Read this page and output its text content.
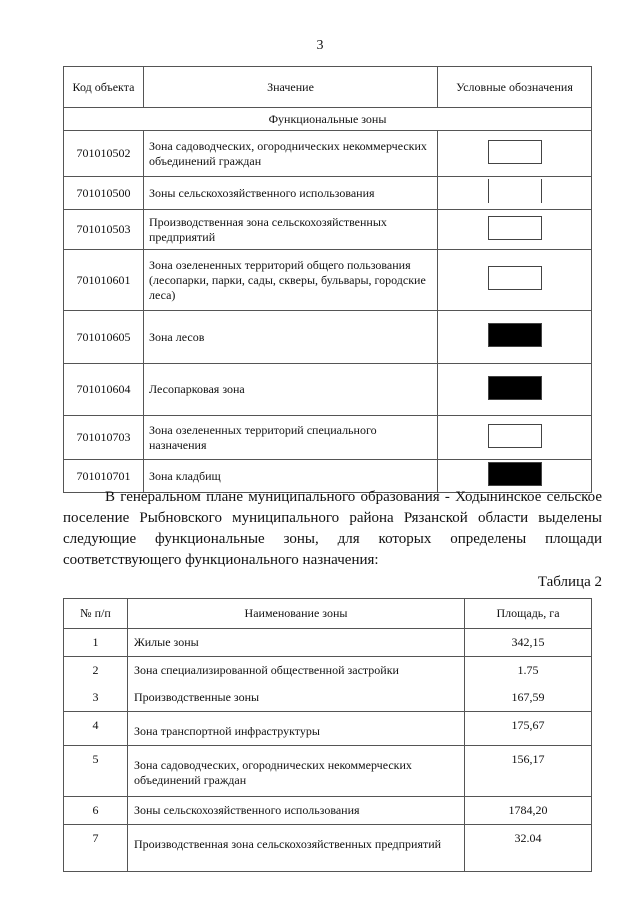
3
Код объекта	Значение	Условные обозначения
Функциональные зоны		
701010502	Зона садоводческих, огороднических некоммерческих объединений граждан	
701010500	Зоны сельскохозяйственного использования	
701010503	Производственная зона сельскохозяйственных предприятий	
701010601	Зона озелененных территорий общего пользования (лесопарки, парки, сады, скверы, бульвары, городские леса)	
701010605	Зона лесов	
701010604	Лесопарковая зона	
701010703	Зона озелененных территорий специального назначения	
701010701	Зона кладбищ	
В генеральном плане муниципального образования - Ходынинское сельское поселение Рыбновского муниципального района Рязанской области выделены следующие функциональные зоны, для которых определены площади соответствующего функционального назначения:
Таблица 2
№ п/п	Наименование зоны	Площадь, га
1	Жилые зоны	342,15
2	Зона специализированной общественной застройки	1.75
3	Производственные зоны	167,59
4	Зона транспортной инфраструктуры	175,67
5	Зона садоводческих, огороднических некоммерческих объединений граждан	156,17
6	Зоны сельскохозяйственного использования	1784,20
7	Производственная зона сельскохозяйственных предприятий	32.04
